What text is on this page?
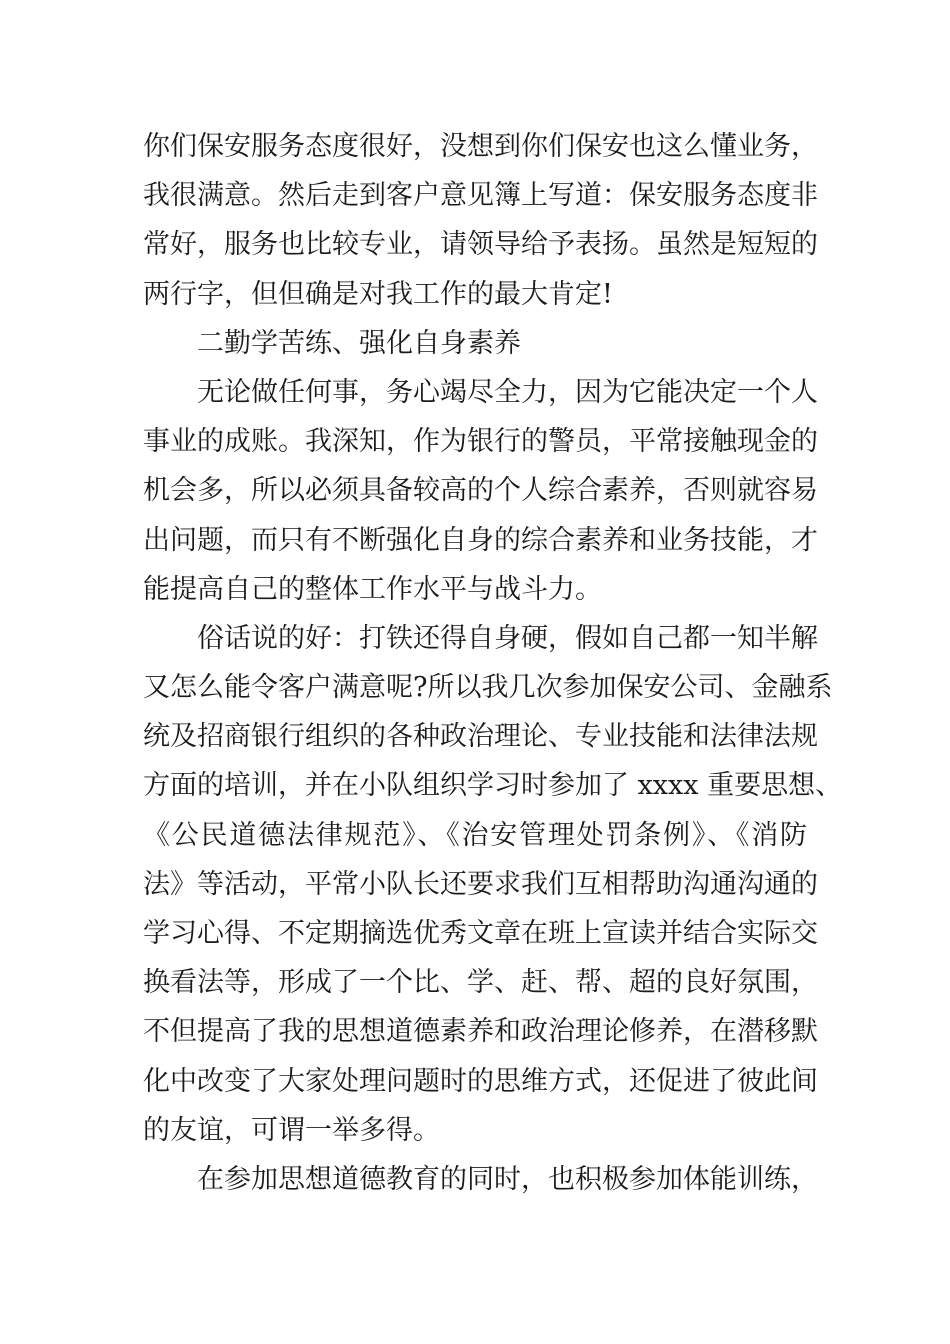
你们保安服务态度很好，没想到你们保安也这么懂业务，
我很满意。然后走到客户意见簿上写道：保安服务态度非
常好，服务也比较专业，请领导给予表扬。虽然是短短的
两行字，但但确是对我工作的最大肯定!
二勤学苦练、强化自身素养
无论做任何事，务心竭尽全力，因为它能决定一个人
事业的成账。我深知，作为银行的警员，平常接触现金的
机会多，所以必须具备较高的个人综合素养，否则就容易
出问题，而只有不断强化自身的综合素养和业务技能，才
能提高自己的整体工作水平与战斗力。
俗话说的好：打铁还得自身硬，假如自己都一知半解
又怎么能令客户满意呢?所以我几次参加保安公司、金融系
统及招商银行组织的各种政治理论、专业技能和法律法规
方面的培训，并在小队组织学习时参加了 xxxx 重要思想、
《公民道德法律规范》、《治安管理处罚条例》、《消防
法》等活动，平常小队长还要求我们互相帮助沟通沟通的
学习心得、不定期摘选优秀文章在班上宣读并结合实际交
换看法等，形成了一个比、学、赶、帮、超的良好氛围，
不但提高了我的思想道德素养和政治理论修养，在潜移默
化中改变了大家处理问题时的思维方式，还促进了彼此间
的友谊，可谓一举多得。
在参加思想道德教育的同时，也积极参加体能训练，
